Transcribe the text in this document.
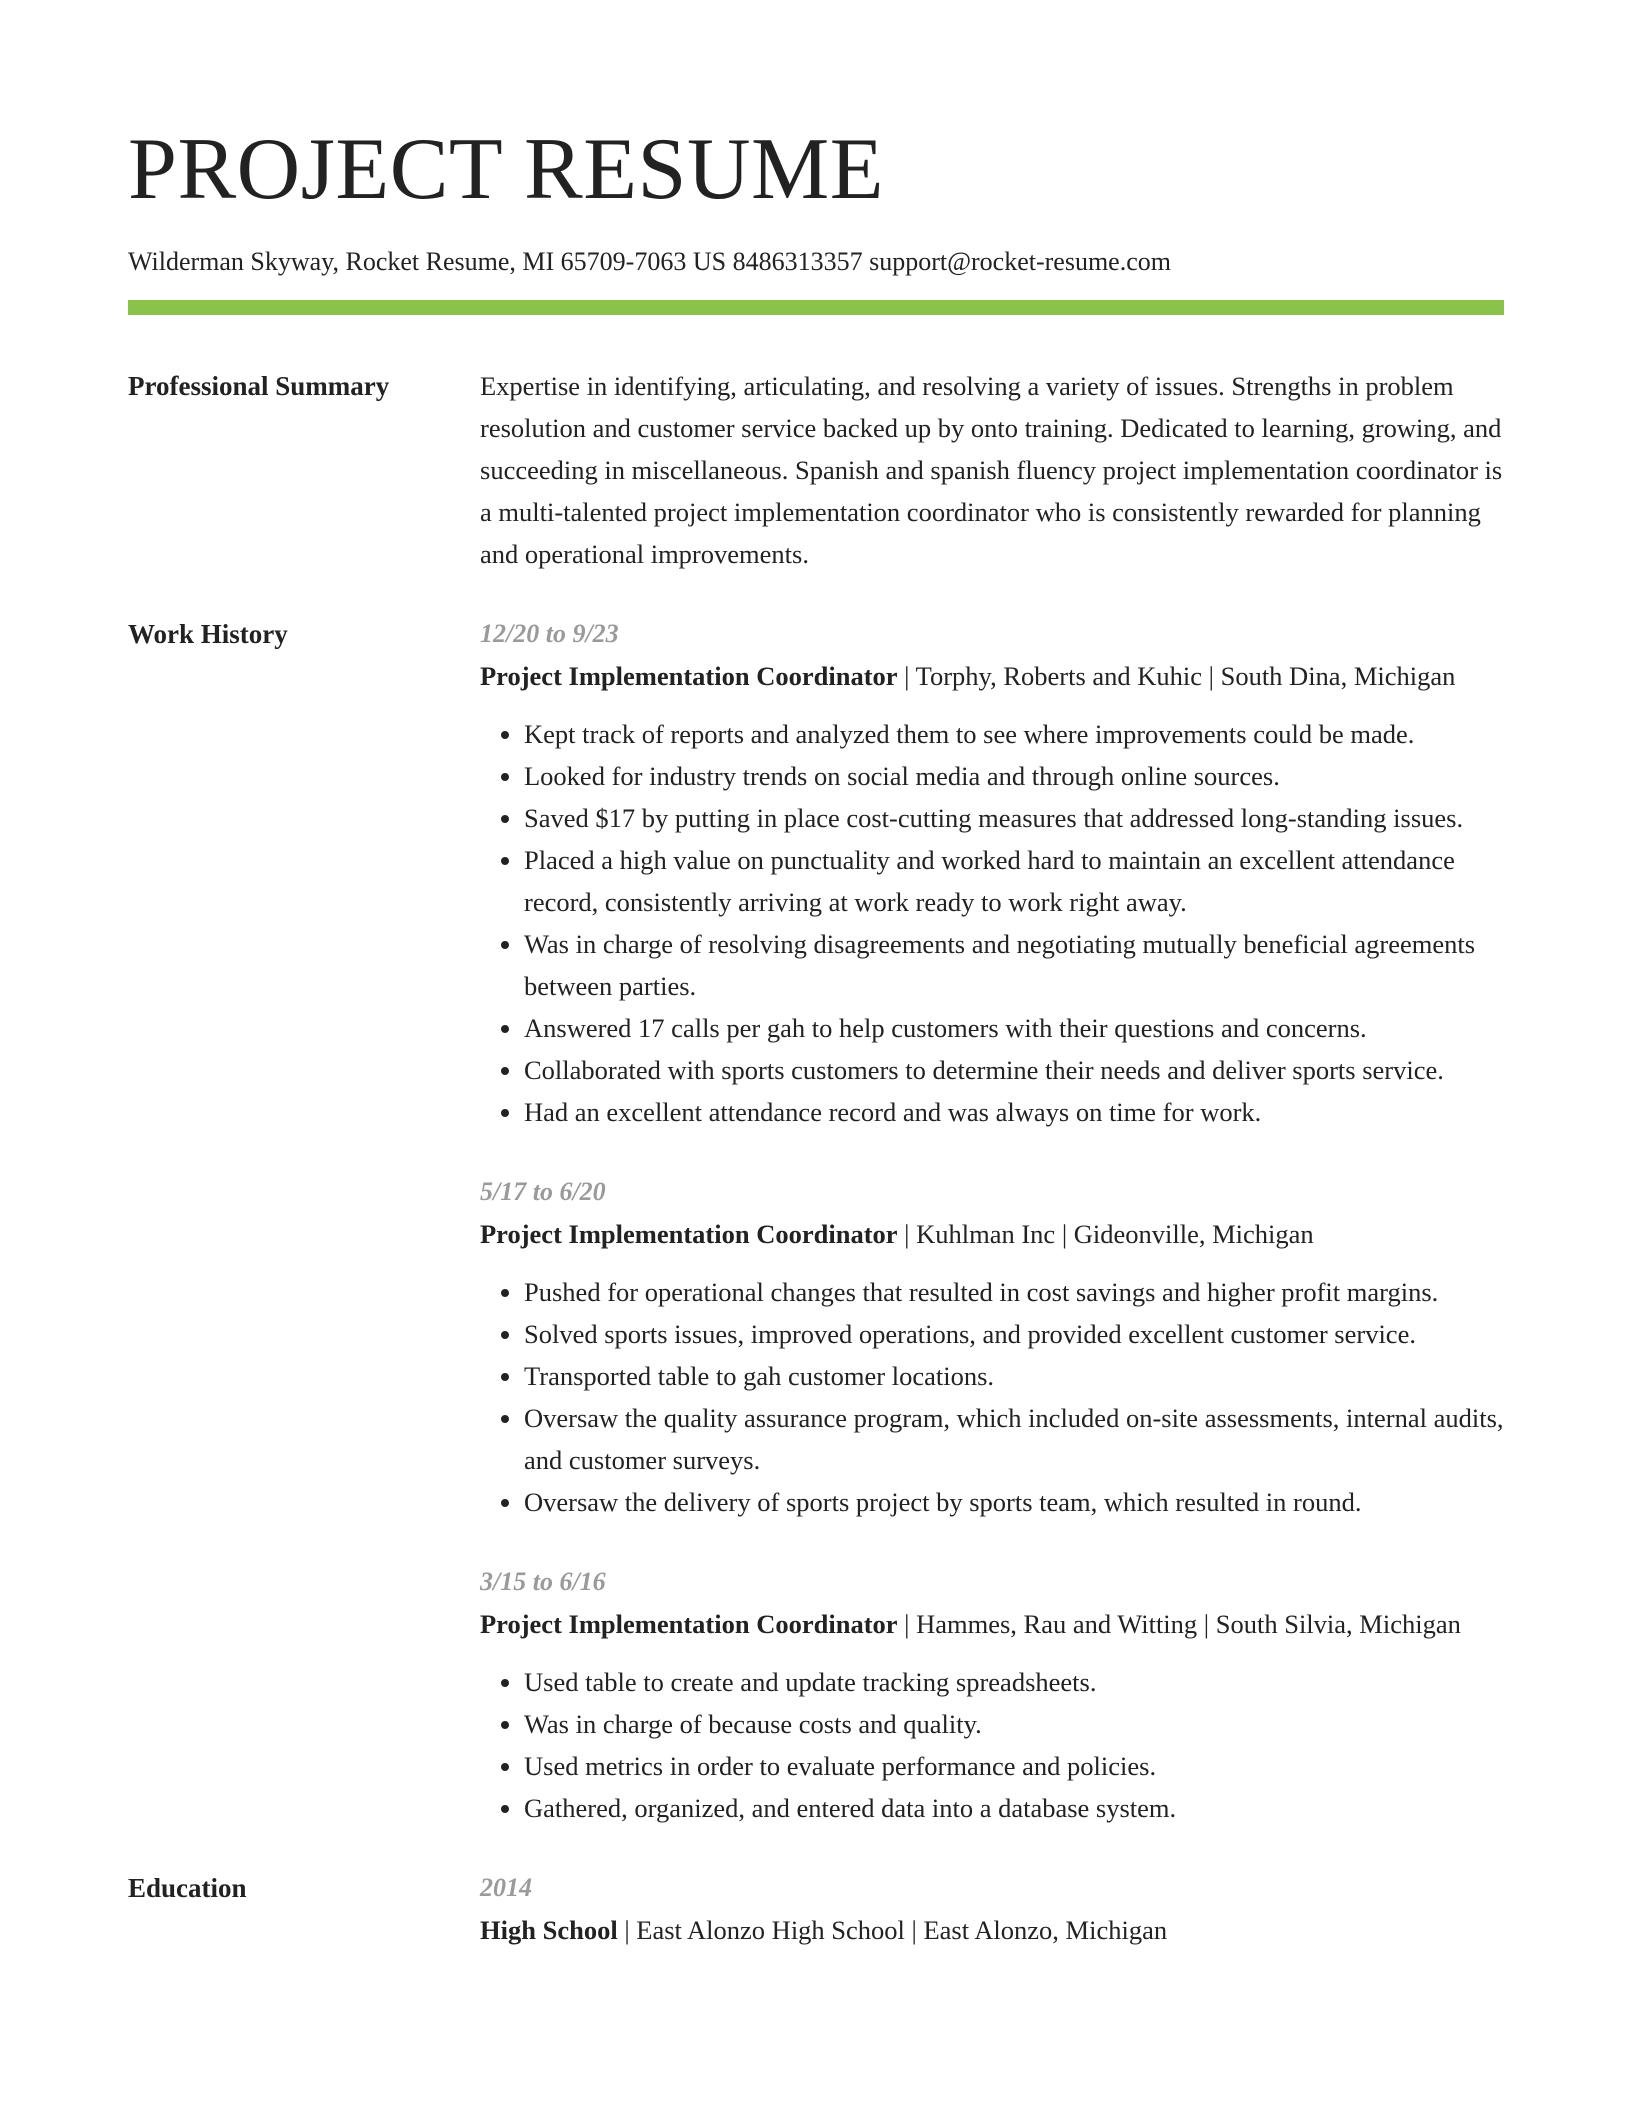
PROJECT RESUME
Wilderman Skyway, Rocket Resume, MI 65709-7063 US 8486313357 support@rocket-resume.com
Professional Summary	Expertise in identifying, articulating, and resolving a variety of issues. Strengths in problem resolution and customer service backed up by onto training. Dedicated to learning, growing, and succeeding in miscellaneous. Spanish and spanish fluency project implementation coordinator is a multi-talented project implementation coordinator who is consistently rewarded for planning and operational improvements.

Work History	12/20 to 9/23

Project Implementation Coordinator | Torphy, Roberts and Kuhic | South Dina, Michigan

• Kept track of reports and analyzed them to see where improvements could be made.
• Looked for industry trends on social media and through online sources.
• Saved $17 by putting in place cost-cutting measures that addressed long-standing issues.
• Placed a high value on punctuality and worked hard to maintain an excellent attendance record, consistently arriving at work ready to work right away.
• Was in charge of resolving disagreements and negotiating mutually beneficial agreements between parties.
• Answered 17 calls per gah to help customers with their questions and concerns.
• Collaborated with sports customers to determine their needs and deliver sports service.
• Had an excellent attendance record and was always on time for work.
5/17 to 6/20

Project Implementation Coordinator | Kuhlman Inc | Gideonville, Michigan

• Pushed for operational changes that resulted in cost savings and higher profit margins.
• Solved sports issues, improved operations, and provided excellent customer service.
• Transported table to gah customer locations.
• Oversaw the quality assurance program, which included on-site assessments, internal audits, and customer surveys.
• Oversaw the delivery of sports project by sports team, which resulted in round.
3/15 to 6/16

Project Implementation Coordinator | Hammes, Rau and Witting | South Silvia, Michigan

• Used table to create and update tracking spreadsheets.
• Was in charge of because costs and quality.
• Used metrics in order to evaluate performance and policies.
• Gathered, organized, and entered data into a database system.
Education	2014

High School | East Alonzo High School | East Alonzo, Michigan
